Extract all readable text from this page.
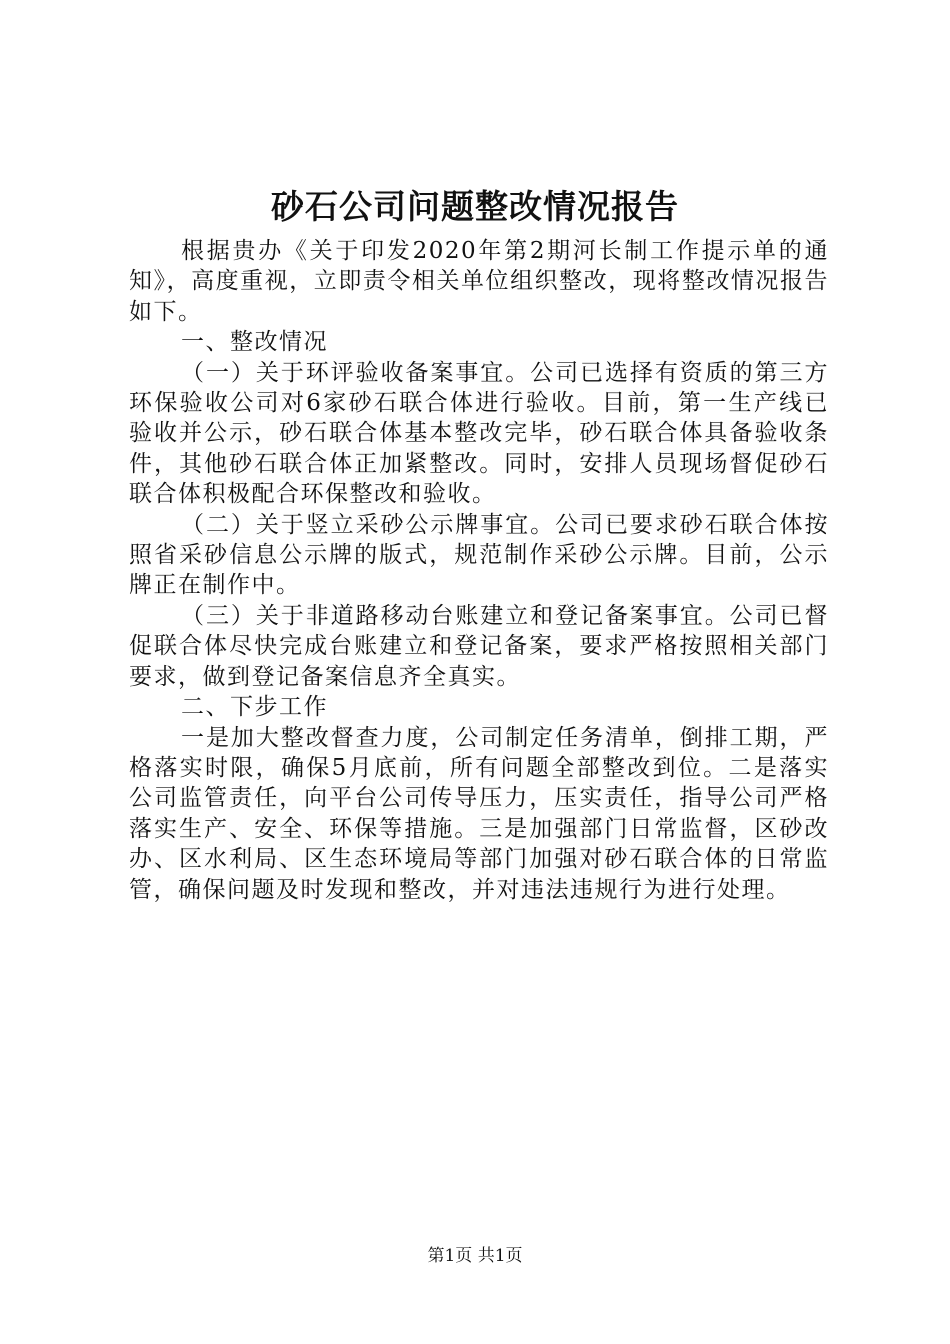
砂石公司问题整改情况报告

根据贵办《关于印发2020年第2期河长制工作提示单的通知》，高度重视，立即责令相关单位组织整改，现将整改情况报告如下。

一、整改情况

（一）关于环评验收备案事宜。公司已选择有资质的第三方环保验收公司对6家砂石联合体进行验收。目前，第一生产线已验收并公示，砂石联合体基本整改完毕，砂石联合体具备验收条件，其他砂石联合体正加紧整改。同时，安排人员现场督促砂石联合体积极配合环保整改和验收。

（二）关于竖立采砂公示牌事宜。公司已要求砂石联合体按照省采砂信息公示牌的版式，规范制作采砂公示牌。目前，公示牌正在制作中。

（三）关于非道路移动台账建立和登记备案事宜。公司已督促联合体尽快完成台账建立和登记备案，要求严格按照相关部门要求，做到登记备案信息齐全真实。

二、下步工作

一是加大整改督查力度，公司制定任务清单，倒排工期，严格落实时限，确保5月底前，所有问题全部整改到位。二是落实公司监管责任，向平台公司传导压力，压实责任，指导公司严格落实生产、安全、环保等措施。三是加强部门日常监督，区砂改办、区水利局、区生态环境局等部门加强对砂石联合体的日常监管，确保问题及时发现和整改，并对违法违规行为进行处理。

第1页 共1页
